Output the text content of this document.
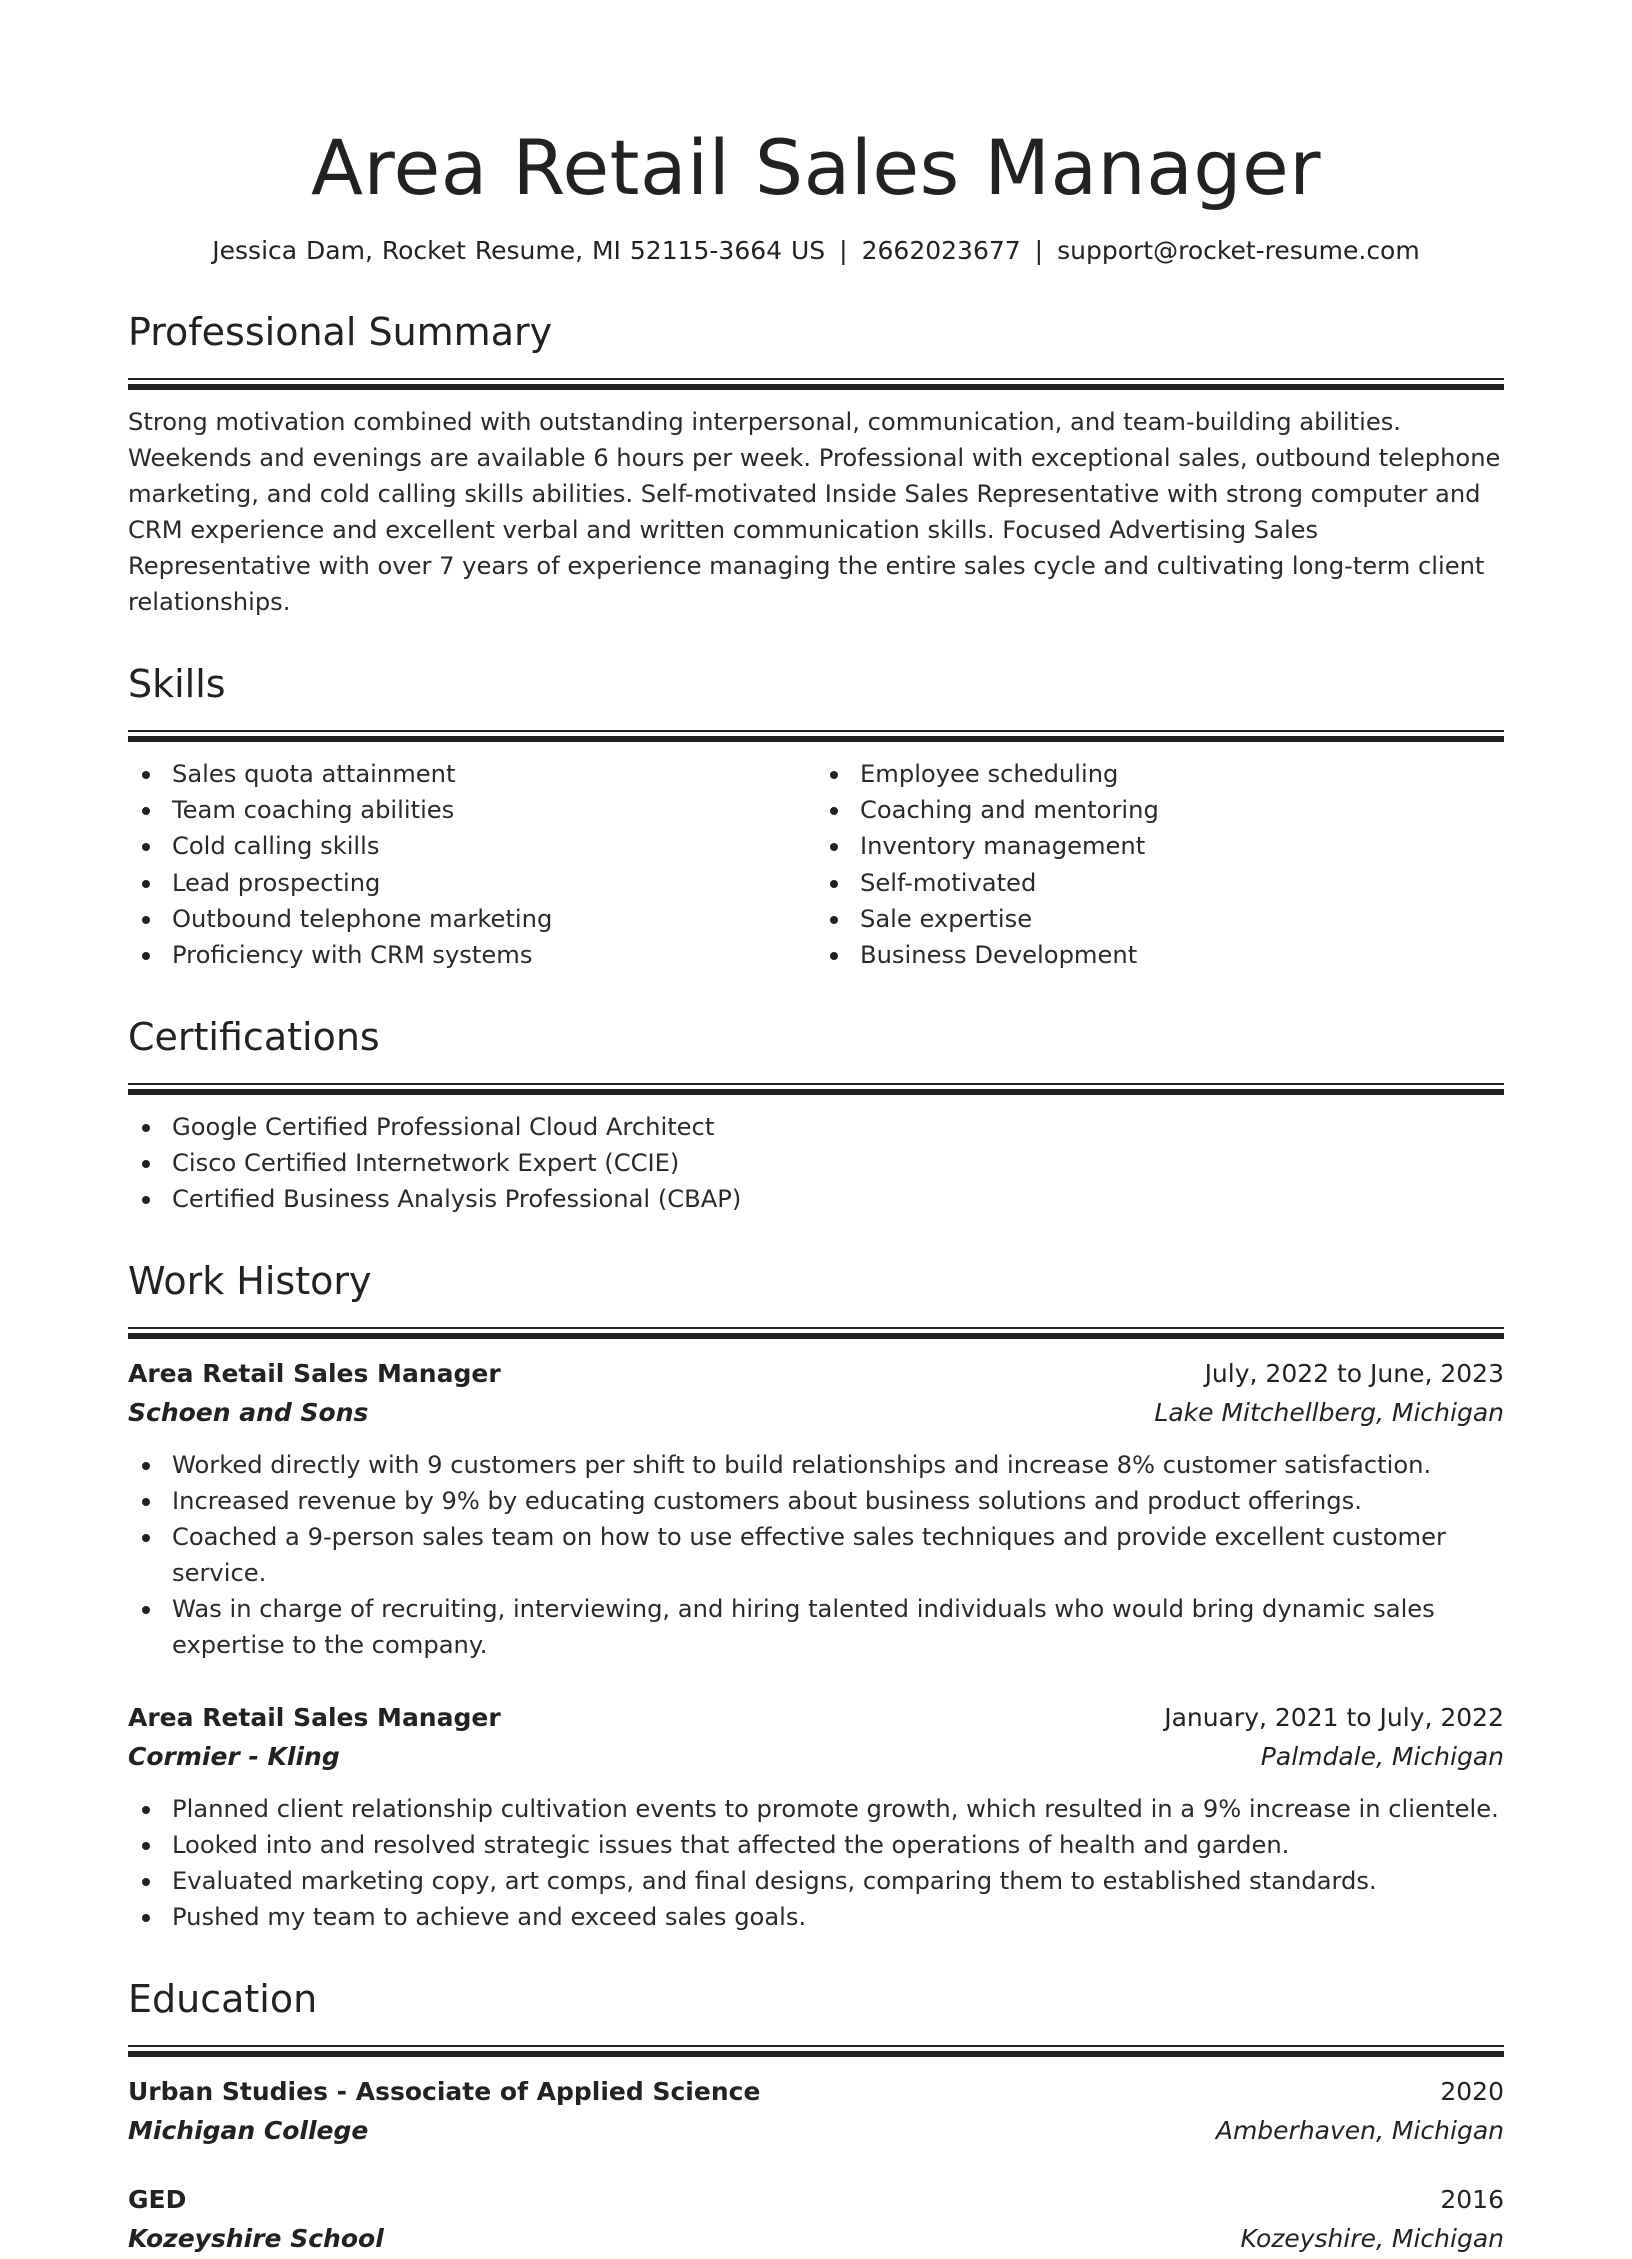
Area Retail Sales Manager
Jessica Dam, Rocket Resume, MI 52115-3664 US | 2662023677 | support@rocket-resume.com
Professional Summary

Strong motivation combined with outstanding interpersonal, communication, and team-building abilities. Weekends and evenings are available 6 hours per week. Professional with exceptional sales, outbound telephone marketing, and cold calling skills abilities. Self-motivated Inside Sales Representative with strong computer and CRM experience and excellent verbal and written communication skills. Focused Advertising Sales Representative with over 7 years of experience managing the entire sales cycle and cultivating long-term client relationships.

Skills
Sales quota attainment
Team coaching abilities
Cold calling skills
Lead prospecting
Outbound telephone marketing
Proficiency with CRM systems
Employee scheduling
Coaching and mentoring
Inventory management
Self-motivated
Sale expertise
Business Development
Certifications
Google Certified Professional Cloud Architect
Cisco Certified Internetwork Expert (CCIE)
Certified Business Analysis Professional (CBAP)
Work History
Area Retail Sales Manager	July, 2022 to June, 2023
Schoen and Sons	Lake Mitchellberg, Michigan
Worked directly with 9 customers per shift to build relationships and increase 8% customer satisfaction.
Increased revenue by 9% by educating customers about business solutions and product offerings.
Coached a 9-person sales team on how to use effective sales techniques and provide excellent customer service.
Was in charge of recruiting, interviewing, and hiring talented individuals who would bring dynamic sales expertise to the company.
Area Retail Sales Manager	January, 2021 to July, 2022
Cormier - Kling	Palmdale, Michigan
Planned client relationship cultivation events to promote growth, which resulted in a 9% increase in clientele.
Looked into and resolved strategic issues that affected the operations of health and garden.
Evaluated marketing copy, art comps, and final designs, comparing them to established standards.
Pushed my team to achieve and exceed sales goals.
Education
Urban Studies - Associate of Applied Science	2020
Michigan College	Amberhaven, Michigan
GED	2016
Kozeyshire School	Kozeyshire, Michigan
